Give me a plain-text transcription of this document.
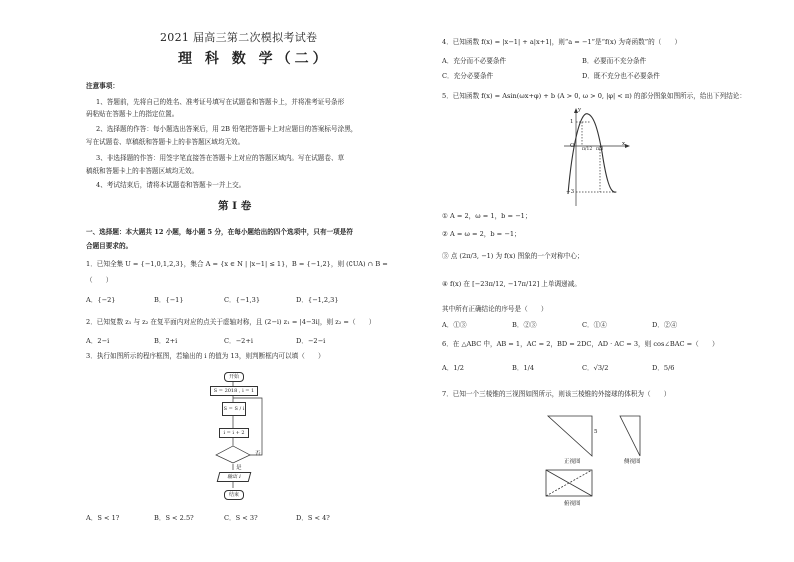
2021 届高三第二次模拟考试卷
理 科 数 学（二）
注意事项：
1、答题前，先将自己的姓名、准考证号填写在试题卷和答题卡上，并将准考证号条形
码粘贴在答题卡上的指定位置。
2、选择题的作答：每小题选出答案后，用 2B 铅笔把答题卡上对应题目的答案标号涂黑，
写在试题卷、草稿纸和答题卡上的非答题区域均无效。
3、非选择题的作答：用签字笔直接答在答题卡上对应的答题区域内。写在试题卷、草
稿纸和答题卡上的非答题区域均无效。
4、考试结束后，请将本试题卷和答题卡一并上交。
第 I 卷
一、选择题：本大题共 12 小题，每小题 5 分，在每小题给出的四个选项中，只有一项是符
合题目要求的。
1．已知全集 U = {−1,0,1,2,3}，集合 A = {x ∈ N | |x−1| ≤ 1}，B = {−1,2}，则 (∁UA) ∩ B =
（　　）
A．{−2}	B．{−1}	C．{−1,3}	D．{−1,2,3}
2．已知复数 z₁ 与 z₂ 在复平面内对应的点关于虚轴对称，且 (2−i) z₁ = |4−3i|，则 z₂ =（　　）
A．2−i	B．2+i	C．−2+i	D．−2−i
3．执行如图所示的程序框图，若输出的 i 的值为 13，则判断框内可以填（　　）
开始
S = 2018 , i = 1
S = S / i
i = i + 2
否
是
输出 i
结束
A．S < 1?	B．S < 2.5?	C．S < 3?	D．S < 4?
4．已知函数 f(x) = |x−1| + a|x+1|，则“a = −1”是“f(x) 为奇函数”的（　　）
A．充分而不必要条件	B．必要而不充分条件
C．充分必要条件	D．既不充分也不必要条件
5．已知函数 f(x) = Asin(ωx+φ) + b (A > 0, ω > 0, |φ| < π) 的部分图象如图所示，给出下列结论：
y
x
O
1
−3
π/12 π/3
① A = 2，ω = 1，b = −1；
② A = ω = 2，b = −1；
③ 点 (2π/3, −1) 为 f(x) 图象的一个对称中心；
④ f(x) 在 [−23π/12, −17π/12] 上单调递减。
其中所有正确结论的序号是（　　）
A．①③	B．②③	C．①④	D．②④
6．在 △ABC 中，AB = 1，AC = 2，BD = 2DC，AD · AC = 3，则 cos∠BAC =（　　）
A．1/2	B．1/4	C．√3/2	D．5/6
7．已知一个三棱锥的三视图如图所示，则该三棱锥的外接球的体积为（　　）
5
正视图	侧视图
俯视图
